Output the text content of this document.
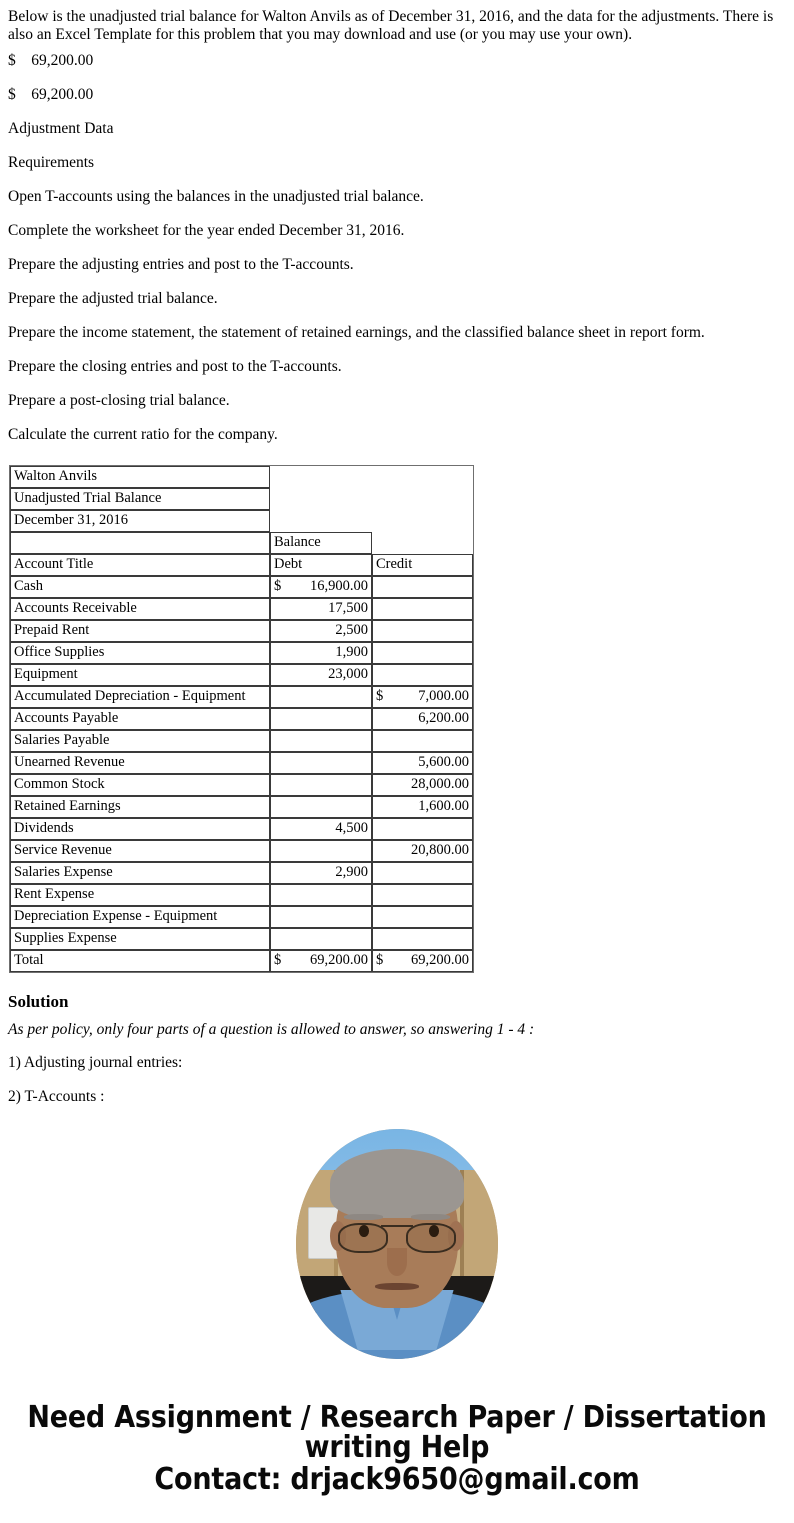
Below is the unadjusted trial balance for Walton Anvils as of December 31, 2016, and the data for the adjustments. There is also an Excel Template for this problem that you may download and use (or you may use your own).

$    69,200.00

$    69,200.00

Adjustment Data

Requirements

Open T-accounts using the balances in the unadjusted trial balance.

Complete the worksheet for the year ended December 31, 2016.

Prepare the adjusting entries and post to the T-accounts.

Prepare the adjusted trial balance.

Prepare the income statement, the statement of retained earnings, and the classified balance sheet in report form.

Prepare the closing entries and post to the T-accounts.

Prepare a post-closing trial balance.

Calculate the current ratio for the company.

Walton Anvils		
Unadjusted Trial Balance		
December 31, 2016		
	Balance	
Account Title	Debt	Credit
Cash	$ 16,900.00	

Accounts Receivable	17,500	
Prepaid Rent	2,500	
Office Supplies	1,900	
Equipment	23,000	
Accumulated Depreciation - Equipment		$ 7,000.00

Accounts Payable		6,200.00
Salaries Payable		
Unearned Revenue		5,600.00
Common Stock		28,000.00
Retained Earnings		1,600.00
Dividends	4,500	
Service Revenue		20,800.00
Salaries Expense	2,900	
Rent Expense		
Depreciation Expense - Equipment		
Supplies Expense		
Total	$ 69,200.00	$ 69,200.00
Solution

As per policy, only four parts of a question is allowed to answer, so answering 1 - 4 :

1) Adjusting journal entries:

2) T-Accounts :

Need Assignment / Research Paper / Dissertation
writing Help
Contact: drjack9650@gmail.com
